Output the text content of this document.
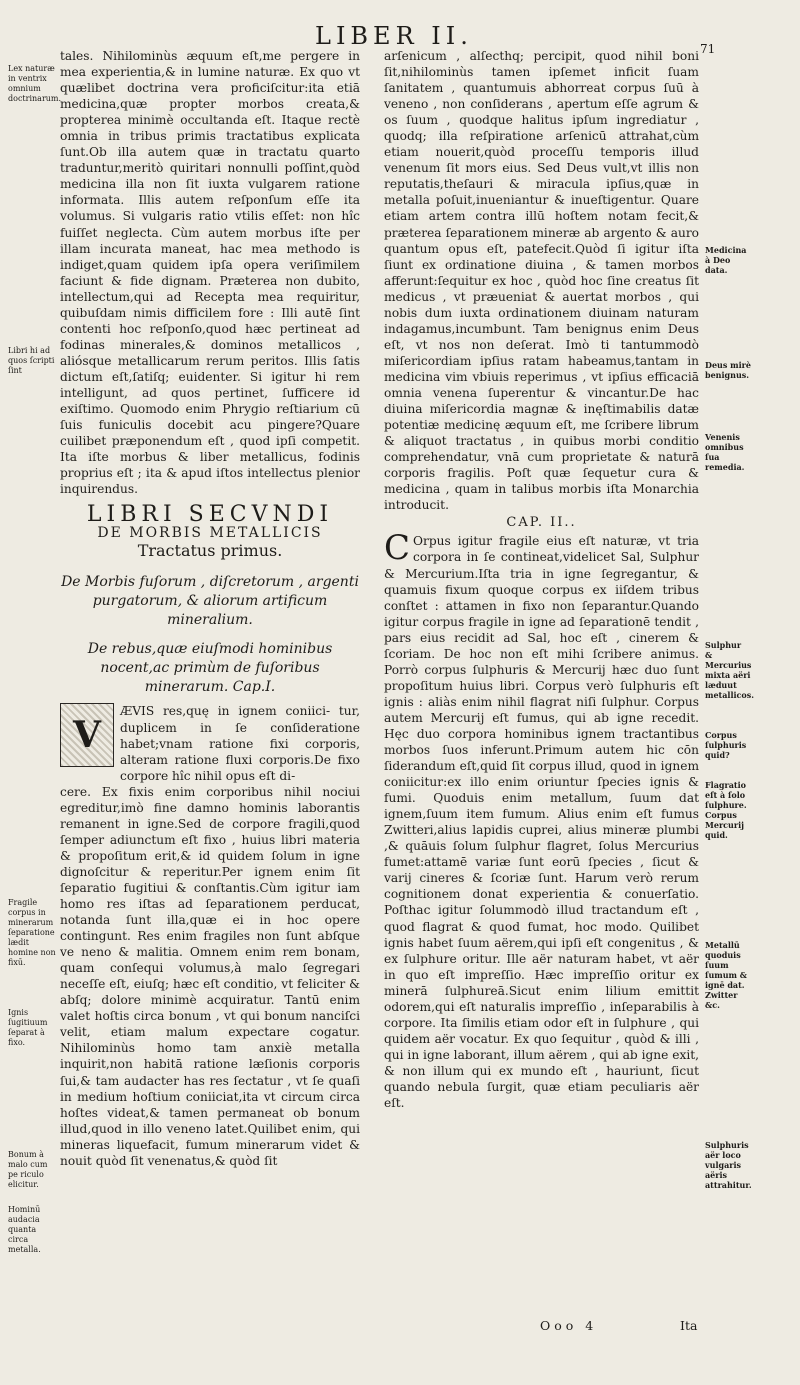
LIBER II.	71
Lex naturæ in ventrix omnium doctrinarum.
Libri hi ad quos ſcripti ſint
Fragile corpus in minerarum ſeparatione lædit homine non fixū.
Ignis ſugitiuum ſeparat à fixo.
Bonum à malo cum pe riculo elicitur.
Hominū audacia quanta circa metalla.
Medicina à Deo data.
Deus mirè benignus.
Venenis omnibus ſua remedia.
Sulphur & Mercurius mixta aëri læduut metallicos.
Corpus ſulphuris quid?
Flagratio eſt à ſolo ſulphure. Corpus Mercurij quid.
Metallū quoduis ſuum ſumum & ignē dat. Zwitter &c.
Sulphuris aër loco vulgaris aëris attrahitur.

tales. Nihilominùs æquum eſt,me pergere in mea experientia,& in lumine naturæ. Ex quo vt quælibet doctrina vera proficiſcitur:ita etiā medicina,quæ propter morbos creata,& propterea minimè occultanda eſt. Itaque rectè omnia in tribus primis tractatibus explicata ſunt.Ob illa autem quæ in tractatu quarto traduntur,meritò quiritari nonnulli poſſint,quòd medicina illa non ſit iuxta vulgarem ratione informata. Illis autem reſponſum eſſe ita volumus. Si vulgaris ratio vtilis eſſet: non hîc fuiſſet neglecta. Cùm autem morbus iſte per illam incurata maneat, hac mea methodo is indiget,quam quidem ipſa opera veriſimilem faciunt & fide dignam. Præterea non dubito, intellectum,qui ad Recepta mea requiritur, quibuſdam nimis difficilem fore : Illi autē ſint contenti hoc reſponſo,quod hæc pertineat ad fodinas minerales,& dominos metallicos , aliósque metallicarum rerum peritos. Illis ſatis dictum eſt,ſatiſq; euidenter. Si igitur hi rem intelligunt, ad quos pertinet, ſufficere id exiſtimo. Quomodo enim Phrygio reſtiarium cū ſuis funiculis docebit acu pingere?Quare cuilibet præponendum eſt , quod ipſi competit. Ita iſte morbus & liber metallicus, fodinis proprius eſt ; ita & apud iſtos intellectus plenior inquirendus.

LIBRI SECVNDI
DE MORBIS METALLICIS
Tractatus primus.
De Morbis fuſorum , diſcretorum , argenti purgatorum, & aliorum artificum mineralium.
De rebus,quæ eiuſmodi hominibus nocent,ac primùm de fuſoribus minerarum. Cap.I.
V
ÆVIS res,quę in ignem coniici- tur, duplicem in ſe conſideratione habet;vnam ratione fixi corporis, alteram ratione fluxi corporis.De fixo corpore hîc nihil opus eſt di-

cere. Ex fixis enim corporibus nihil nociui egreditur,imò fine damno hominis laborantis remanent in igne.Sed de corpore fragili,quod ſemper adiunctum eſt fixo , huius libri materia & propoſitum erit,& id quidem ſolum in igne dignoſcitur & reperitur.Per ignem enim ſit ſeparatio fugitiui & conſtantis.Cùm igitur iam homo res iſtas ad ſeparationem perducat, notanda ſunt illa,quæ ei in hoc opere contingunt. Res enim fragiles non ſunt abſque ve neno & malitia. Omnem enim rem bonam, quam conſequi volumus,à malo ſegregari neceſſe eſt, eiuſq; hæc eſt conditio, vt feliciter & abſq; dolore minimè acquiratur. Tantū enim valet hoſtis circa bonum , vt qui bonum nanciſci velit, etiam malum expectare cogatur. Nihilominùs homo tam anxiè metalla inquirit,non habitā ratione læſionis corporis ſui,& tam audacter has res ſectatur , vt ſe quaſi in medium hoſtium coniiciat,ita vt circum circa hoſtes videat,& tamen permaneat ob bonum illud,quod in illo veneno latet.Quilibet enim, qui mineras liquefacit, fumum minerarum videt & nouit quòd ſit venenatus,& quòd ſit

arſenicum , alſecthq; percipit, quod nihil boni ſit,nihilominùs tamen ipſemet inficit ſuam ſanitatem , quantumuis abhorreat corpus ſuū à veneno , non conſiderans , apertum eſſe agrum & os ſuum , quodque halitus ipſum ingrediatur , quodq; illa reſpiratione arſenicū attrahat,cùm etiam nouerit,quòd proceſſu temporis illud venenum ſit mors eius. Sed Deus vult,vt illis non reputatis,theſauri & miracula ipſius,quæ in metalla poſuit,inueniantur & inueſtigentur. Quare etiam artem contra illū hoſtem notam fecit,& præterea ſeparationem mineræ ab argento & auro quantum opus eſt, patefecit.Quòd ſi igitur iſta ſiunt ex ordinatione diuina , & tamen morbos afferunt:ſequitur ex hoc , quòd hoc ſine creatus ſit medicus , vt præueniat & auertat morbos , qui nobis dum iuxta ordinationem diuinam naturam indagamus,incumbunt. Tam benignus enim Deus eſt, vt nos non deſerat. Imò ti tantummodò miſericordiam ipſius ratam habeamus,tantam in medicina vim vbiuis reperimus , vt ipſius efficaciā omnia venena ſuperentur & vincantur.De hac diuina miſericordia magnæ & inęſtimabilis datæ potentiæ medicinę æquum eſt, me ſcribere librum & aliquot tractatus , in quibus morbi conditio comprehendatur, vnā cum proprietate & naturā corporis fragilis. Poſt quæ ſequetur cura & medicina , quam in talibus morbis iſta Monarchia introducit.

CAP. II..

C Orpus igitur fragile eius eſt naturæ, vt tria corpora in ſe contineat,videlicet Sal, Sulphur & Mercurium.Iſta tria in igne ſegregantur, & quamuis fixum quoque corpus ex iiſdem tribus conſtet : attamen in fixo non ſeparantur.Quando igitur corpus fragile in igne ad ſeparationē tendit , pars eius recidit ad Sal, hoc eſt , cinerem & ſcoriam. De hoc non eſt mihi ſcribere animus. Porrò corpus ſulphuris & Mercurij hæc duo ſunt propoſitum huius libri. Corpus verò ſulphuris eſt ignis : aliàs enim nihil flagrat niſi ſulphur. Corpus autem Mercurij eſt fumus, qui ab igne recedit. Hęc duo corpora hominibus ignem tractantibus morbos ſuos inferunt.Primum autem hic cōn ſiderandum eſt,quid ſit corpus illud, quod in ignem coniicitur:ex illo enim oriuntur ſpecies ignis & fumi. Quoduis enim metallum, ſuum dat ignem,ſuum item fumum. Alius enim eſt fumus Zwitteri,alius lapidis cuprei, alius mineræ plumbi ,& quāuis ſolum ſulphur flagret, ſolus Mercurius fumet:attamē variæ ſunt eorū ſpecies , ſicut & varij cineres & ſcoriæ ſunt. Harum verò rerum cognitionem donat experientia & conuerſatio. Poſthac igitur ſolummodò illud tractandum eſt , quod flagrat & quod fumat, hoc modo. Quilibet ignis habet ſuum aërem,qui ipſi eſt congenitus , & ex ſulphure oritur. Ille aër naturam habet, vt aër in quo eſt impreſſio. Hæc impreſſio oritur ex minerā ſulphureā.Sicut enim lilium emittit odorem,qui eſt naturalis impreſſio , inſeparabilis à corpore. Ita ſimilis etiam odor eſt in ſulphure , qui quidem aër vocatur. Ex quo ſequitur , quòd & illi , qui in igne laborant, illum aërem , qui ab igne exit, & non illum qui ex mundo eſt , hauriunt, ſicut quando nebula ſurgit, quæ etiam peculiaris aër eſt.

Ooo 4	Ita
